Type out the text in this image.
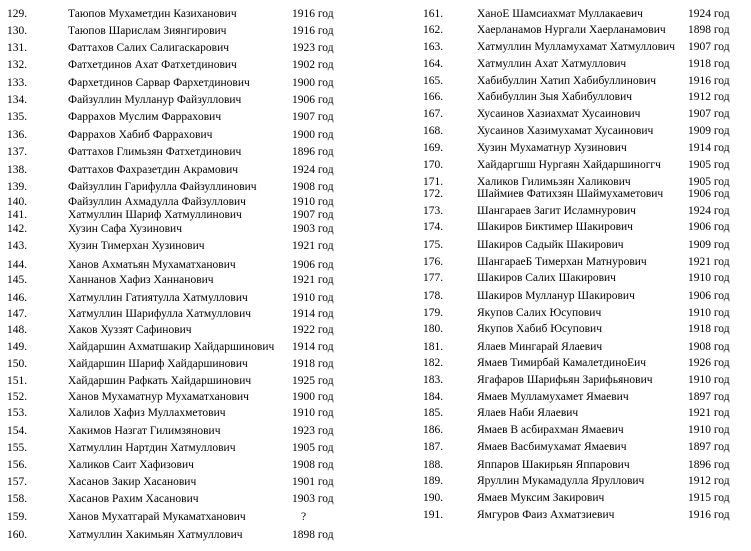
129.	Таюпов Мухаметдин Казиханович	1916 год
130.	Таюпов Шарислам Зиянгирович	1916 год
131.	Фаттахов Салих Салигаскарович	1923 год
132.	Фатхетдинов Ахат Фатхетдинович	1902 год
133.	Фархетдинов Сарвар Фархетдинович	1900 год
134.	Файзуллин Мулланур Файзуллович	1906 год
135.	Фарраxов Муслим Фарраxович	1907 год
136.	Фарраxов Хабиб Фарраxович	1900 год
137.	Фаттахов Глимьзян Фатхетдинович	1896 год
138.	Фаттахов Фахрaзетдин Акрамович	1924 год
139.	Файзуллин Гарифулла Файзуллинович	1908 год
140.	Файзуллин Ахмадулла Файзуллович	1910 год
141.	Хатмуллин Шариф Хатмуллинович	1907 год
142.	Хузин Сафа Хузинович	1903 год
143.	Хузин Тимерхан Хузинович	1921 год
144.	Ханов Ахматьян Мухаматханович	1906 год
145.	Ханнанов Хафиз Ханнанович	1921 год
146.	Хатмуллин Гатиятулла Хатмуллович	1910 год
147.	Хатмуллин Шарифулла Хатмуллович	1914 год
148.	Хаков Хуззят Сафинович	1922 год
149.	Хайдаршин Ахматшакир Хайдаршинович 1914 год
150.	Хайдаршин Шариф Хайдаршинович	1918 год
151.	Хайдаршин Рафкать Хайдаршинович	1925 год
152.	Ханов Мухаматнур Мухаматханович	1900 год
153.	Халилов Хафиз Муллахметович	1910 год
154.	Хакимов Назгат Гилимзянович	1923 год
155.	Хатмуллин Нартдин Хатмуллович	1905 год
156.	Халиков Саит Хафизович	1908 год
157.	Хасанов Закир Хасанович	1901 год
158.	Хасанов Рахим Хасанович	1903 год
159.	Ханов Мухатгарай Мукаматханович	?
160.	Хатмуллин Хакимьян Хатмуллович	1898 год
161.	ХаноЕ Шамсиахмат Муллакаевич	1924 год
162.	Хаерланамов Нургали Хаерланамович 1898 год
163.	Хатмуллин Мулламухамат Хатмуллович 1907 год
164.	Хатмуллин Ахат Хатмуллович	1918 год
165.	Хабибуллин Хатип Хабибуллинович	1916 год
166.	Хабибуллин Зыя Хабибуллович	1912 год
167.	Хусаинов Хазиахмат Хусаинович	1907 год
168.	Хусаинов Хазимухамат Хусаинович	1909 год
169.	Хузин Мухаматнур Хузинович	1914 год
170.	Хайдаргшш Нургаян Хайдаршиноггч 1905 год
171.	Халиков Гилимьзян Халикович	1905 год
172.	Шаймиев Фатихзян Шаймухаметович 1906 год
173.	Шангараев Загит Исламнурович	1924 год
174.	Шакиров Биктимер Шакирович	1906 год
175.	Шакиров Садыйк Шакирович	1909 год
176.	ШангараеБ Тимерхан Матнурович	1921 год
177.	Шакиров Салих Шакирович	1910 год
178.	Шакиров Муллануp Шакирович	1906 год
179.	Якупов Салих Юсупович	1910 год
180.	Якупов Хабиб Юсупович	1918 год
181.	Ялаев Мингарай Ялаевич	1908 год
182.	Ямаев Тимирбай КамалетдиноЕич	1926 год
183.	Ягафаров Шарифьян Зарифьянович	1910 год
184.	Ямаев Мулламухамет Ямаевич	1897 год
185.	Ялаев Наби Ялаевич	1921 год
186.	Ямаев В асбирахман Ямаевич	1910 год
187.	Ямаев Васбимухамат Ямаевич	1897 год
188.	Яппаров Шакирьян Яппарович	1896 год
189.	Яруллин Мукамадулла Яруллович	1912 год
190.	Ямаев Муксим Закирович	1915 год
191.	Ямгуров Фаиз Ахматзиевич	1916 год
